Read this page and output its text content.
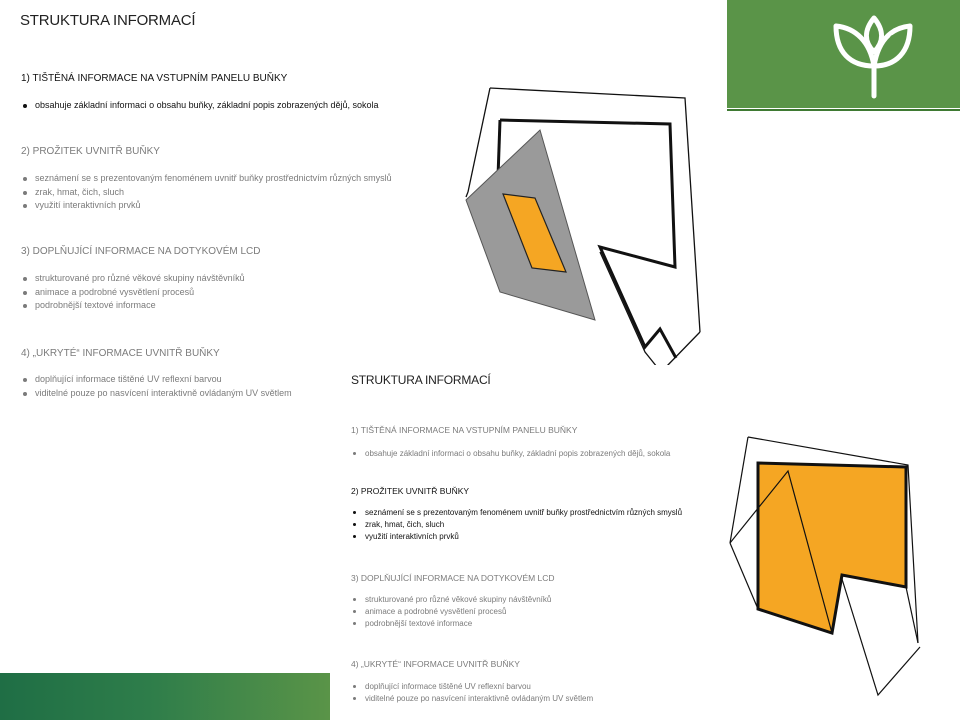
STRUKTURA INFORMACÍ

1) TIŠTĚNÁ INFORMACE NA VSTUPNÍM PANELU BUŇKY

obsahuje základní informaci o obsahu buňky, základní popis zobrazených dějů, sokola

2) PROŽITEK UVNITŘ BUŇKY

seznámení se s prezentovaným fenoménem uvnitř buňky prostřednictvím různých smyslů
zrak, hmat, čich, sluch
využití interaktivních prvků

3) DOPLŇUJÍCÍ INFORMACE NA DOTYKOVÉM LCD

strukturované pro různé věkové skupiny návštěvníků
animace a podrobné vysvětlení procesů
podrobnější textové informace

4) „UKRYTÉ“ INFORMACE UVNITŘ BUŇKY

doplňující informace tištěné UV reflexní barvou
viditelné pouze po nasvícení interaktivně ovládaným UV světlem
STRUKTURA INFORMACÍ

1) TIŠTĚNÁ INFORMACE NA VSTUPNÍM PANELU BUŇKY

obsahuje základní informaci o obsahu buňky, základní popis zobrazených dějů, sokola

2) PROŽITEK UVNITŘ BUŇKY

seznámení se s prezentovaným fenoménem uvnitř buňky prostřednictvím různých smyslů
zrak, hmat, čich, sluch
využití interaktivních prvků

3) DOPLŇUJÍCÍ INFORMACE NA DOTYKOVÉM LCD

strukturované pro různé věkové skupiny návštěvníků
animace a podrobné vysvětlení procesů
podrobnější textové informace

4) „UKRYTÉ“ INFORMACE UVNITŘ BUŇKY

doplňující informace tištěné UV reflexní barvou
viditelné pouze po nasvícení interaktivně ovládaným UV světlem
